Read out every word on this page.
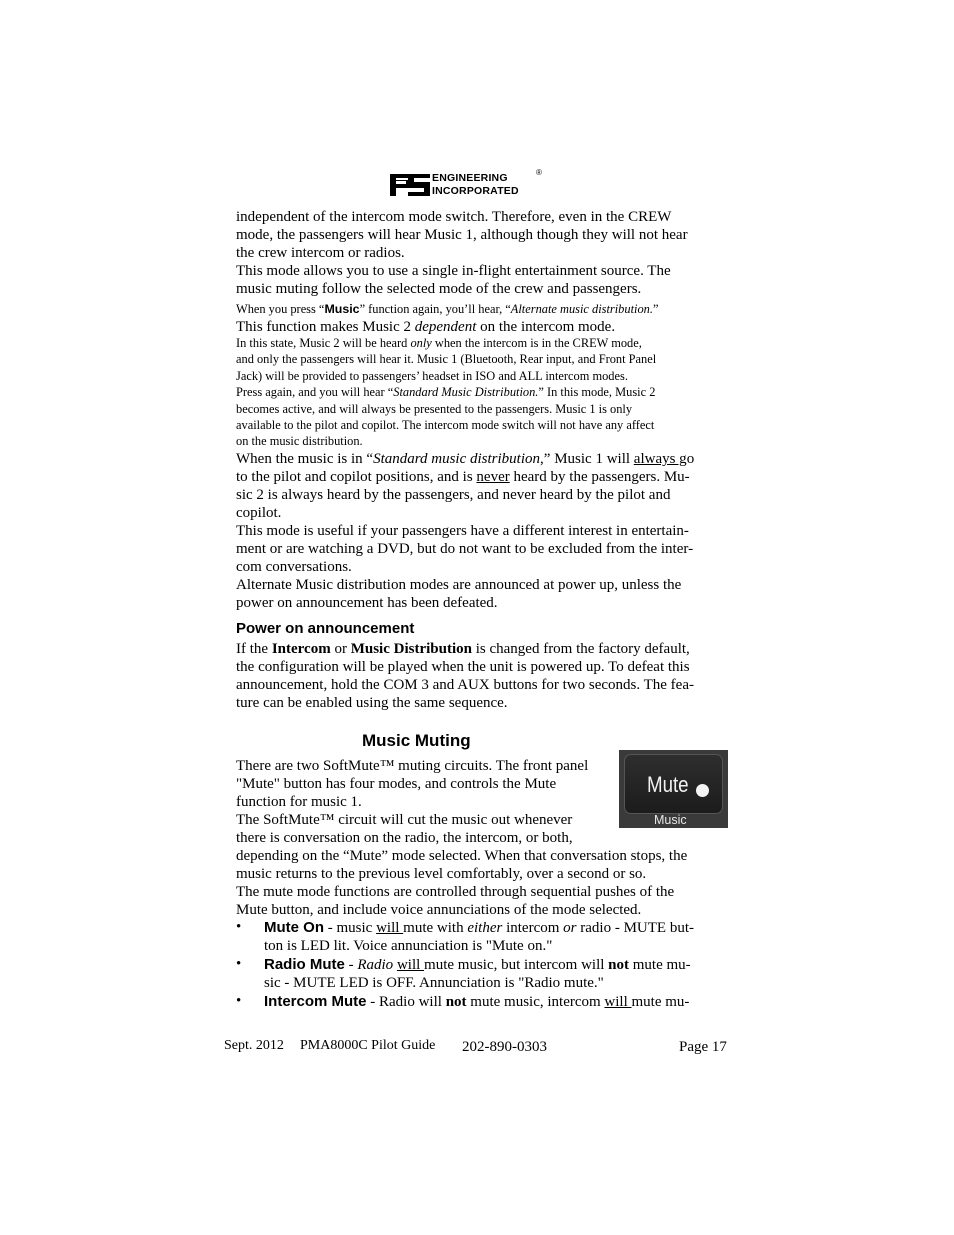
ENGINEERING
INCORPORATED
®

independent of the intercom mode switch. Therefore, even in the CREW

mode, the passengers will hear Music 1, although though they will not hear

the crew intercom or radios.

This mode allows you to use a single in-flight entertainment source. The

music muting follow the selected mode of the crew and passengers.

When you press “Music” function again, you’ll hear, “Alternate music distribution.”

This function makes Music 2 dependent on the intercom mode.

In this state, Music 2 will be heard only when the intercom is in the CREW mode,

and only the passengers will hear it. Music 1 (Bluetooth, Rear input, and Front Panel

Jack) will be provided to passengers’ headset in ISO and ALL intercom modes.

Press again, and you will hear “Standard Music Distribution.” In this mode, Music 2

becomes active, and will always be presented to the passengers. Music 1 is only

available to the pilot and copilot. The intercom mode switch will not have any affect

on the music distribution.

When the music is in “Standard music distribution,” Music 1 will always go

to the pilot and copilot positions, and is never heard by the passengers. Mu-

sic 2 is always heard by the passengers, and never heard by the pilot and

copilot.

This mode is useful if your passengers have a different interest in entertain-

ment or are watching a DVD, but do not want to be excluded from the inter-

com conversations.

Alternate Music distribution modes are announced at power up, unless the

power on announcement has been defeated.

Power on announcement

If the Intercom or Music Distribution is changed from the factory default,

the configuration will be played when the unit is powered up. To defeat this

announcement, hold the COM 3 and AUX buttons for two seconds. The fea-

ture can be enabled using the same sequence.

Music Muting
Mute
Music

There are two SoftMute™ muting circuits. The front panel

"Mute" button has four modes, and controls the Mute

function for music 1.

The SoftMute™ circuit will cut the music out whenever

there is conversation on the radio, the intercom, or both,

depending on the “Mute” mode selected. When that conversation stops, the

music returns to the previous level comfortably, over a second or so.

The mute mode functions are controlled through sequential pushes of the

Mute button, and include voice annunciations of the mode selected.

• Mute On - music will mute with either intercom or radio - MUTE but-

ton is LED lit. Voice annunciation is "Mute on."

• Radio Mute - Radio will mute music, but intercom will not mute mu-

sic - MUTE LED is OFF. Annunciation is "Radio mute."

• Intercom Mute - Radio will not mute music, intercom will mute mu-

Sept. 2012 PMA8000C Pilot Guide 202-890-0303	Page 17
